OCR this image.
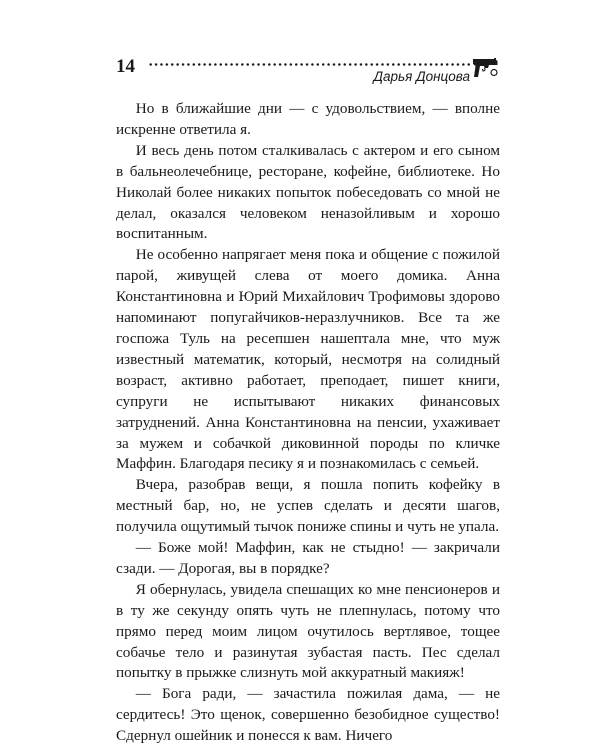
14	Дарья Донцова

Но в ближайшие дни — с удовольствием, — вполне искренне ответила я.

И весь день потом сталкивалась с актером и его сыном в бальнеолечебнице, ресторане, кофейне, библиотеке. Но Николай более никаких попыток побеседовать со мной не делал, оказался человеком неназойливым и хорошо воспитанным.

Не особенно напрягает меня пока и общение с пожилой парой, живущей слева от моего домика. Анна Константиновна и Юрий Михайлович Трофимовы здорово напоминают попугайчиков-неразлучников. Все та же госпожа Туль на ресепшен нашептала мне, что муж известный математик, который, несмотря на солидный возраст, активно работает, преподает, пишет книги, супруги не испытывают никаких финансовых затруднений. Анна Константиновна на пенсии, ухаживает за мужем и собачкой диковинной породы по кличке Маффин. Благодаря песику я и познакомилась с семьей.

Вчера, разобрав вещи, я пошла попить кофейку в местный бар, но, не успев сделать и десяти шагов, получила ощутимый тычок пониже спины и чуть не упала.

— Боже мой! Маффин, как не стыдно! — закричали сзади. — Дорогая, вы в порядке?

Я обернулась, увидела спешащих ко мне пенсионеров и в ту же секунду опять чуть не плепнулась, потому что прямо перед моим лицом очутилось вертлявое, тощее собачье тело и разинутая зубастая пасть. Пес сделал попытку в прыжке слизнуть мой аккуратный макияж!

— Бога ради, — зачастила пожилая дама, — не сердитесь! Это щенок, совершенно безобидное существо! Сдернул ошейник и понесся к вам. Ничего
